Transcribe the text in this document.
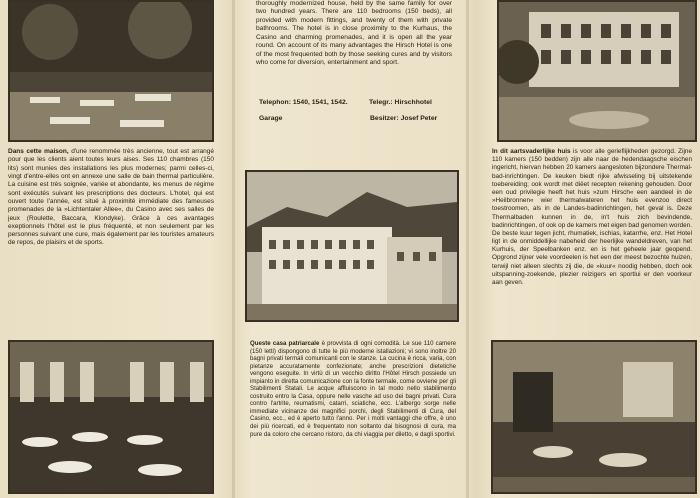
thoroughly modernized house, held by the same family for over two hundred years. There are 110 bedrooms (150 beds), all provided with modern fittings, and twenty of them with private bathrooms. The hotel is in close proximity to the Kurhaus, the Casino and charming promenades, and it is open all the year round. On account of its many advantages the Hirsch Hotel is one of the most frequented both by those seeking cures and by visitors who come for diversion, entertainment and sport.

Telephon: 1540, 1541, 1542.	Telegr.: Hirschhotel
Garage	Besitzer: Josef Peter

Dans cette maison, d'une renommée très ancienne, tout est arrangé pour que les clients aient toutes leurs aises. Ses 110 chambres (150 lits) sont munies des installations les plus modernes; parmi celles-ci, vingt d'entre-elles ont en annexe une salle de bain thermal particulière. La cuisine est très soignée, variée et abondante, les menus de régime sont exécutés suivant les prescriptions des docteurs. L'hotel, qui est ouvert toute l'année, est situé à proximité immédiate des fameuses promenades de la »Lichtentaler Allee«, du Casino avec ses salles de jeux (Roulette, Baccara, Klondyke). Grâce à ces avantages exeptionnels l'hôtel est le plus fréquenté, et non seulement par les personnes suivant une cure, mais également par les touristes amateurs de repos, de plaisirs et de sports.

In dit aartsvaderlijke huis is voor alle gerieflijkheden gezorgd. Zijne 110 kamers (150 bedden) zijn alle naar de hedendaagsche eischen ingericht, hiervan hebben 20 kamers aangesloten bijzondere Thermal-bad-inrichtingen. De keuken biedt rijke afwisseling bij uitstekende toebereiding; ook wordt met diëet recepten rekening gehouden. Door een oud privilegie heeft het huis »zum Hirsch« een aandeel in de »Heilbronnen« wier thermalwateren het huis evenzoo direct toestroomen, als in de Landes-badinrichtingen, het geval is. Deze Thermalbaden kunnen in de, in't huis zich bevindende, badinrichtingen, of ook op de kamers met eigen bad genomen worden. De beste kuur tegen jicht, rhumatiek, ischias, katarrhe, enz. Het Hotel ligt in de onmiddellijke nabeheid der heerlijke wandeldreven, van het Kurhuis, der Speelbanken enz. en is het geheele jaar geopend. Opgrond zijner vele voordeelen is het een der meest bezochte huizen, terwijl niet alleen slechts zij die, de »kuur« noodig hebben, doch ook uitspanning-zoekende, plezier reizigers en sportlui er den voorkeur aan geven.

Queste casa patriarcale è provvista di ogni comodità. Le sue 110 camere (150 letti) dispongono di tutte le più moderne istallazioni; vi sono inoltre 20 bagni privati termali comunicanti con le stanze. La cucina è ricca, varia, con pietanze accuratamente confezionate; anche prescrizioni dietetiche vengono eseguite. In virtù di un vecchio diritto l'Hôtel Hirsch possiede un impianto in diretta comunicazione con la fonte termale, come ovviene per gli Stabilimenti Statali. Le acque affluiscono in tal modo nello stabilimento costruito entro la Casa, oppure nelle vasche ad uso dei bagni privati. Cura contro l'artrite, reumatismi, catarri, sciatiche, ecc. L'albergo sorge nelle immediate vicinanze dei magnifici porchi, degli Stabilimenti di Cura, del Casino, ecc., ed è aperto tutto l'anno. Per i molti vantaggi che offre, è uno dei più ricercati, ed è frequentato non soltanto dai bisognosi di cura, ma pure da coloro che cercano ristoro, da chi viaggia per diletto, e dagli sportivi.
